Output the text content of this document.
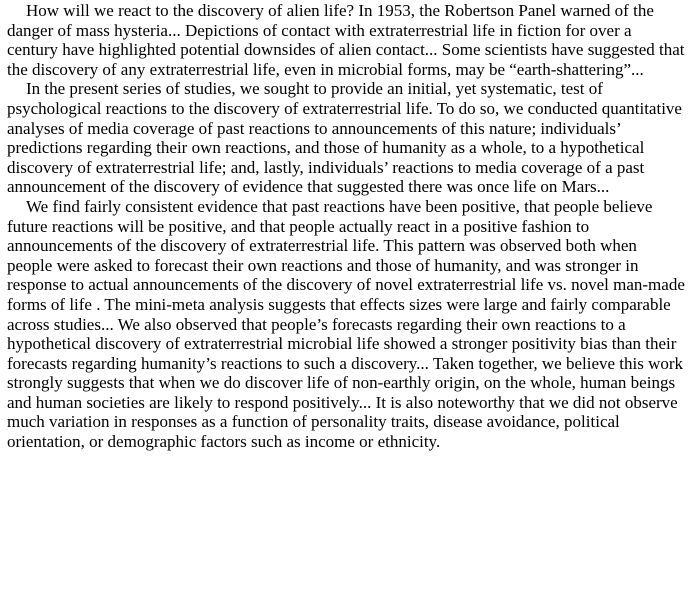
How will we react to the discovery of alien life? In 1953, the Robertson Panel warned of the danger of mass hysteria... Depictions of contact with extraterrestrial life in fiction for over a century have highlighted potential downsides of alien contact... Some scientists have suggested that the discovery of any extraterrestrial life, even in microbial forms, may be “earth-shattering”...

In the present series of studies, we sought to provide an initial, yet systematic, test of psychological reactions to the discovery of extraterrestrial life. To do so, we conducted quantitative analyses of media coverage of past reactions to announcements of this nature; individuals’ predictions regarding their own reactions, and those of humanity as a whole, to a hypothetical discovery of extraterrestrial life; and, lastly, individuals’ reactions to media coverage of a past announcement of the discovery of evidence that suggested there was once life on Mars...

We find fairly consistent evidence that past reactions have been positive, that people believe future reactions will be positive, and that people actually react in a positive fashion to announcements of the discovery of extraterrestrial life. This pattern was observed both when people were asked to forecast their own reactions and those of humanity, and was stronger in response to actual announcements of the discovery of novel extraterrestrial life vs. novel man-made forms of life . The mini-meta analysis suggests that effects sizes were large and fairly comparable across studies... We also observed that people’s forecasts regarding their own reactions to a hypothetical discovery of extraterrestrial microbial life showed a stronger positivity bias than their forecasts regarding humanity’s reactions to such a discovery... Taken together, we believe this work strongly suggests that when we do discover life of non-earthly origin, on the whole, human beings and human societies are likely to respond positively... It is also noteworthy that we did not observe much variation in responses as a function of personality traits, disease avoidance, political orientation, or demographic factors such as income or ethnicity.
